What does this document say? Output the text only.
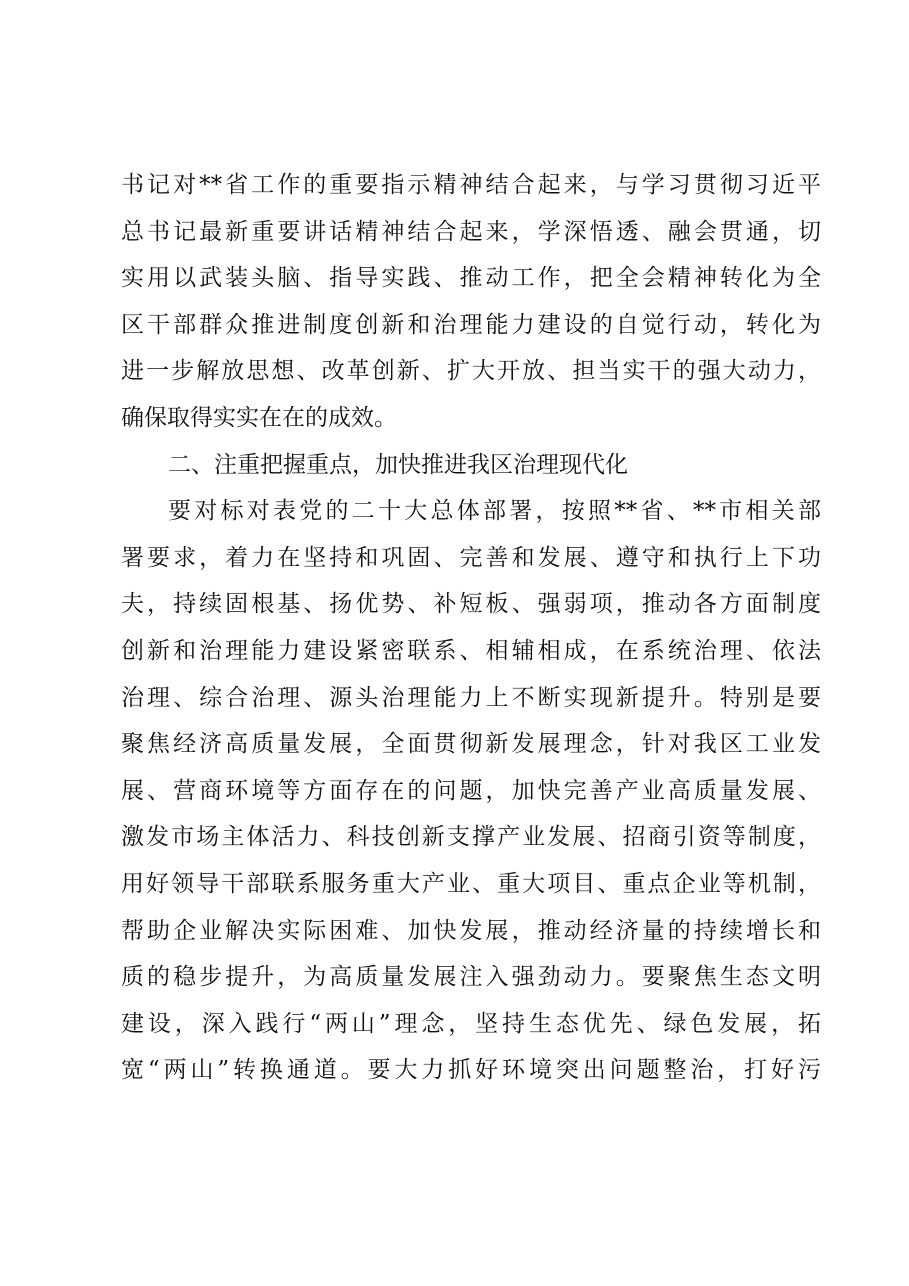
书记对**省工作的重要指示精神结合起来，与学习贯彻习近平
总书记最新重要讲话精神结合起来，学深悟透、融会贯通，切
实用以武装头脑、指导实践、推动工作，把全会精神转化为全
区干部群众推进制度创新和治理能力建设的自觉行动，转化为
进一步解放思想、改革创新、扩大开放、担当实干的强大动力，
确保取得实实在在的成效。
二、注重把握重点，加快推进我区治理现代化
要对标对表党的二十大总体部署，按照**省、**市相关部
署要求，着力在坚持和巩固、完善和发展、遵守和执行上下功
夫，持续固根基、扬优势、补短板、强弱项，推动各方面制度
创新和治理能力建设紧密联系、相辅相成，在系统治理、依法
治理、综合治理、源头治理能力上不断实现新提升。特别是要
聚焦经济高质量发展，全面贯彻新发展理念，针对我区工业发
展、营商环境等方面存在的问题，加快完善产业高质量发展、
激发市场主体活力、科技创新支撑产业发展、招商引资等制度，
用好领导干部联系服务重大产业、重大项目、重点企业等机制，
帮助企业解决实际困难、加快发展，推动经济量的持续增长和
质的稳步提升，为高质量发展注入强劲动力。要聚焦生态文明
建设，深入践行“两山”理念，坚持生态优先、绿色发展，拓
宽“两山”转换通道。要大力抓好环境突出问题整治，打好污
